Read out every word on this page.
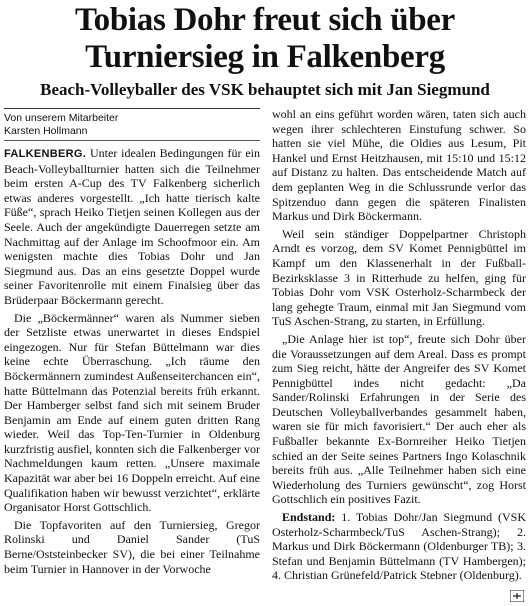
Tobias Dohr freut sich über
Turniersieg in Falkenberg
Beach-Volleyballer des VSK behauptet sich mit Jan Siegmund
Von unserem Mitarbeiter
Karsten Hollmann

FALKENBERG. Unter idealen Bedingungen für ein Beach-Volleyballturnier hatten sich die Teilnehmer beim ersten A-Cup des TV Falkenberg sicherlich etwas anderes vorgestellt. „Ich hatte tierisch kalte Füße“, sprach Heiko Tietjen seinen Kollegen aus der Seele. Auch der angekündigte Dauerregen setzte am Nachmittag auf der Anlage im Schoofmoor ein. Am wenigsten machte dies Tobias Dohr und Jan Siegmund aus. Das an eins gesetzte Doppel wurde seiner Favoritenrolle mit einem Finalsieg über das Brüderpaar Böckermann gerecht.

Die „Böckermänner“ waren als Nummer sieben der Setzliste etwas unerwartet in dieses Endspiel eingezogen. Nur für Stefan Büttelmann war dies keine echte Überraschung. „Ich räume den Böckermännern zumindest Außenseiterchancen ein“, hatte Büttelmann das Potenzial bereits früh erkannt. Der Hamberger selbst fand sich mit seinem Bruder Benjamin am Ende auf einem guten dritten Rang wieder. Weil das Top-Ten-Turnier in Oldenburg kurzfristig ausfiel, konnten sich die Falkenberger vor Nachmeldungen kaum retten. „Unsere maximale Kapazität war aber bei 16 Doppeln erreicht. Auf eine Qualifikation haben wir bewusst verzichtet“, erklärte Organisator Horst Gottschlich.

Die Topfavoriten auf den Turniersieg, Gregor Rolinski und Daniel Sander (TuS Berne/Oststeinbecker SV), die bei einer Teilnahme beim Turnier in Hannover in der Vorwoche

wohl an eins geführt worden wären, taten sich auch wegen ihrer schlechteren Einstufung schwer. So hatten sie viel Mühe, die Oldies aus Lesum, Pit Hankel und Ernst Heitzhausen, mit 15:10 und 15:12 auf Distanz zu halten. Das entscheidende Match auf dem geplanten Weg in die Schlussrunde verlor das Spitzenduo dann gegen die späteren Finalisten Markus und Dirk Böckermann.

Weil sein ständiger Doppelpartner Christoph Arndt es vorzog, dem SV Komet Pennigbüttel im Kampf um den Klassenerhalt in der Fußball-Bezirksklasse 3 in Ritterhude zu helfen, ging für Tobias Dohr vom VSK Osterholz-Scharmbeck der lang gehegte Traum, einmal mit Jan Siegmund vom TuS Aschen-Strang, zu starten, in Erfüllung.

„Die Anlage hier ist top“, freute sich Dohr über die Voraussetzungen auf dem Areal. Dass es prompt zum Sieg reicht, hätte der Angreifer des SV Komet Pennigbüttel indes nicht gedacht: „Da Sander/Rolinski Erfahrungen in der Serie des Deutschen Volleyballverbandes gesammelt haben, waren sie für mich favorisiert.“ Der auch eher als Fußballer bekannte Ex-Bornreiher Heiko Tietjen schied an der Seite seines Partners Ingo Kolaschnik bereits früh aus. „Alle Teilnehmer haben sich eine Wiederholung des Turniers gewünscht“, zog Horst Gottschlich ein positives Fazit.

Endstand: 1. Tobias Dohr/Jan Siegmund (VSK Osterholz-Scharmbeck/TuS Aschen-Strang); 2. Markus und Dirk Böckermann (Oldenburger TB); 3. Stefan und Benjamin Büttelmann (TV Hambergen); 4. Christian Grünefeld/Patrick Stebner (Oldenburg).
